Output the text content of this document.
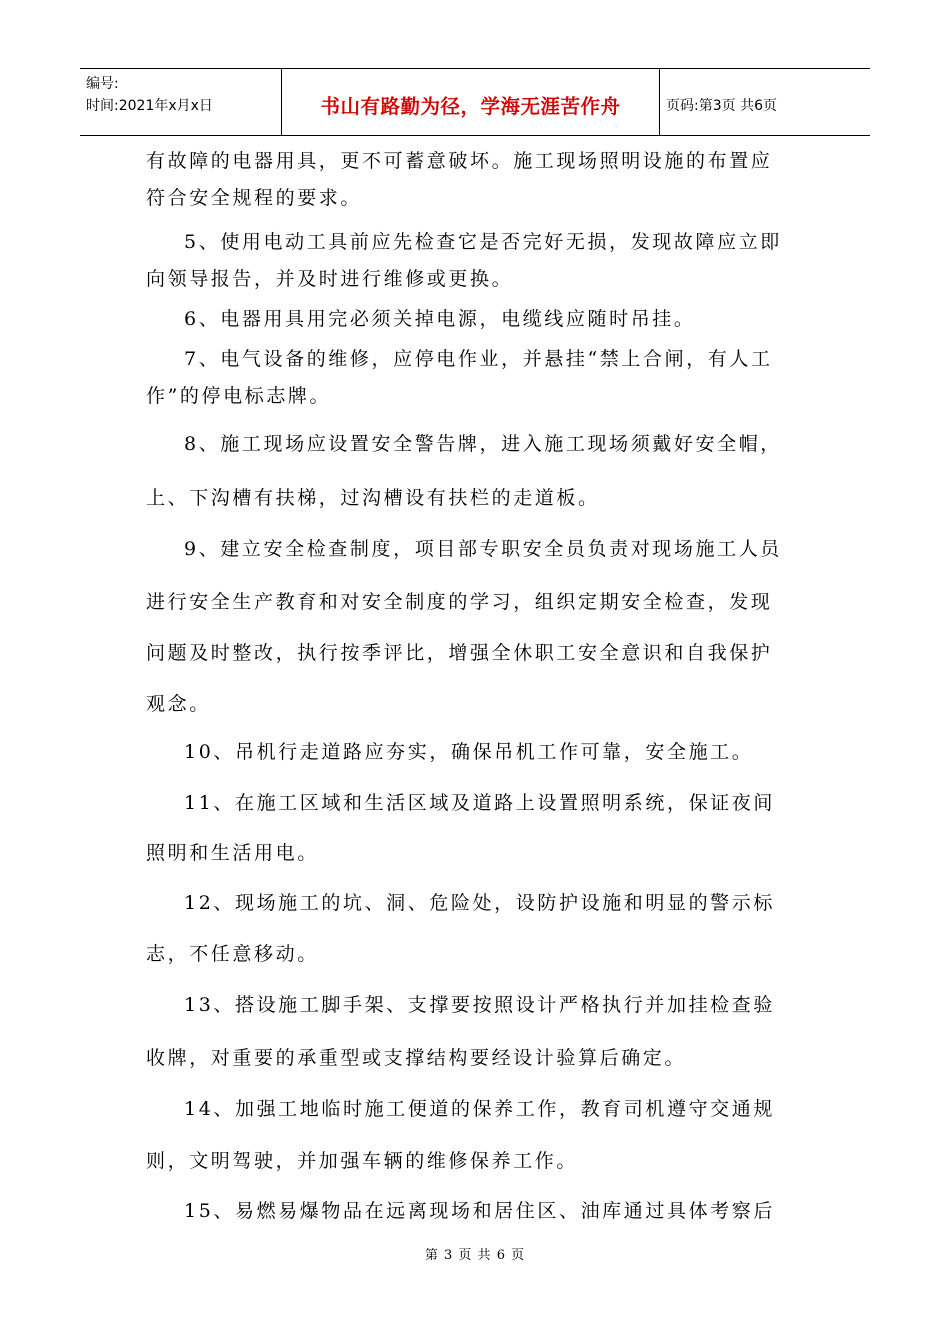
编号:
时间:2021年x月x日	书山有路勤为径，学海无涯苦作舟	页码:第3页 共6页
有故障的电器用具，更不可蓄意破坏。施工现场照明设施的布置应
符合安全规程的要求。
5、使用电动工具前应先检查它是否完好无损，发现故障应立即
向领导报告，并及时进行维修或更换。
6、电器用具用完必须关掉电源，电缆线应随时吊挂。
7、电气设备的维修，应停电作业，并悬挂“禁上合闸，有人工
作”的停电标志牌。
8、施工现场应设置安全警告牌，进入施工现场须戴好安全帽，
上、下沟槽有扶梯，过沟槽设有扶栏的走道板。
9、建立安全检查制度，项目部专职安全员负责对现场施工人员
进行安全生产教育和对安全制度的学习，组织定期安全检查，发现
问题及时整改，执行按季评比，增强全休职工安全意识和自我保护
观念。
10、吊机行走道路应夯实，确保吊机工作可靠，安全施工。
11、在施工区域和生活区域及道路上设置照明系统，保证夜间
照明和生活用电。
12、现场施工的坑、洞、危险处，设防护设施和明显的警示标
志，不任意移动。
13、搭设施工脚手架、支撑要按照设计严格执行并加挂检查验
收牌，对重要的承重型或支撑结构要经设计验算后确定。
14、加强工地临时施工便道的保养工作，教育司机遵守交通规
则，文明驾驶，并加强车辆的维修保养工作。
15、易燃易爆物品在远离现场和居住区、油库通过具体考察后
第 3 页 共 6 页
